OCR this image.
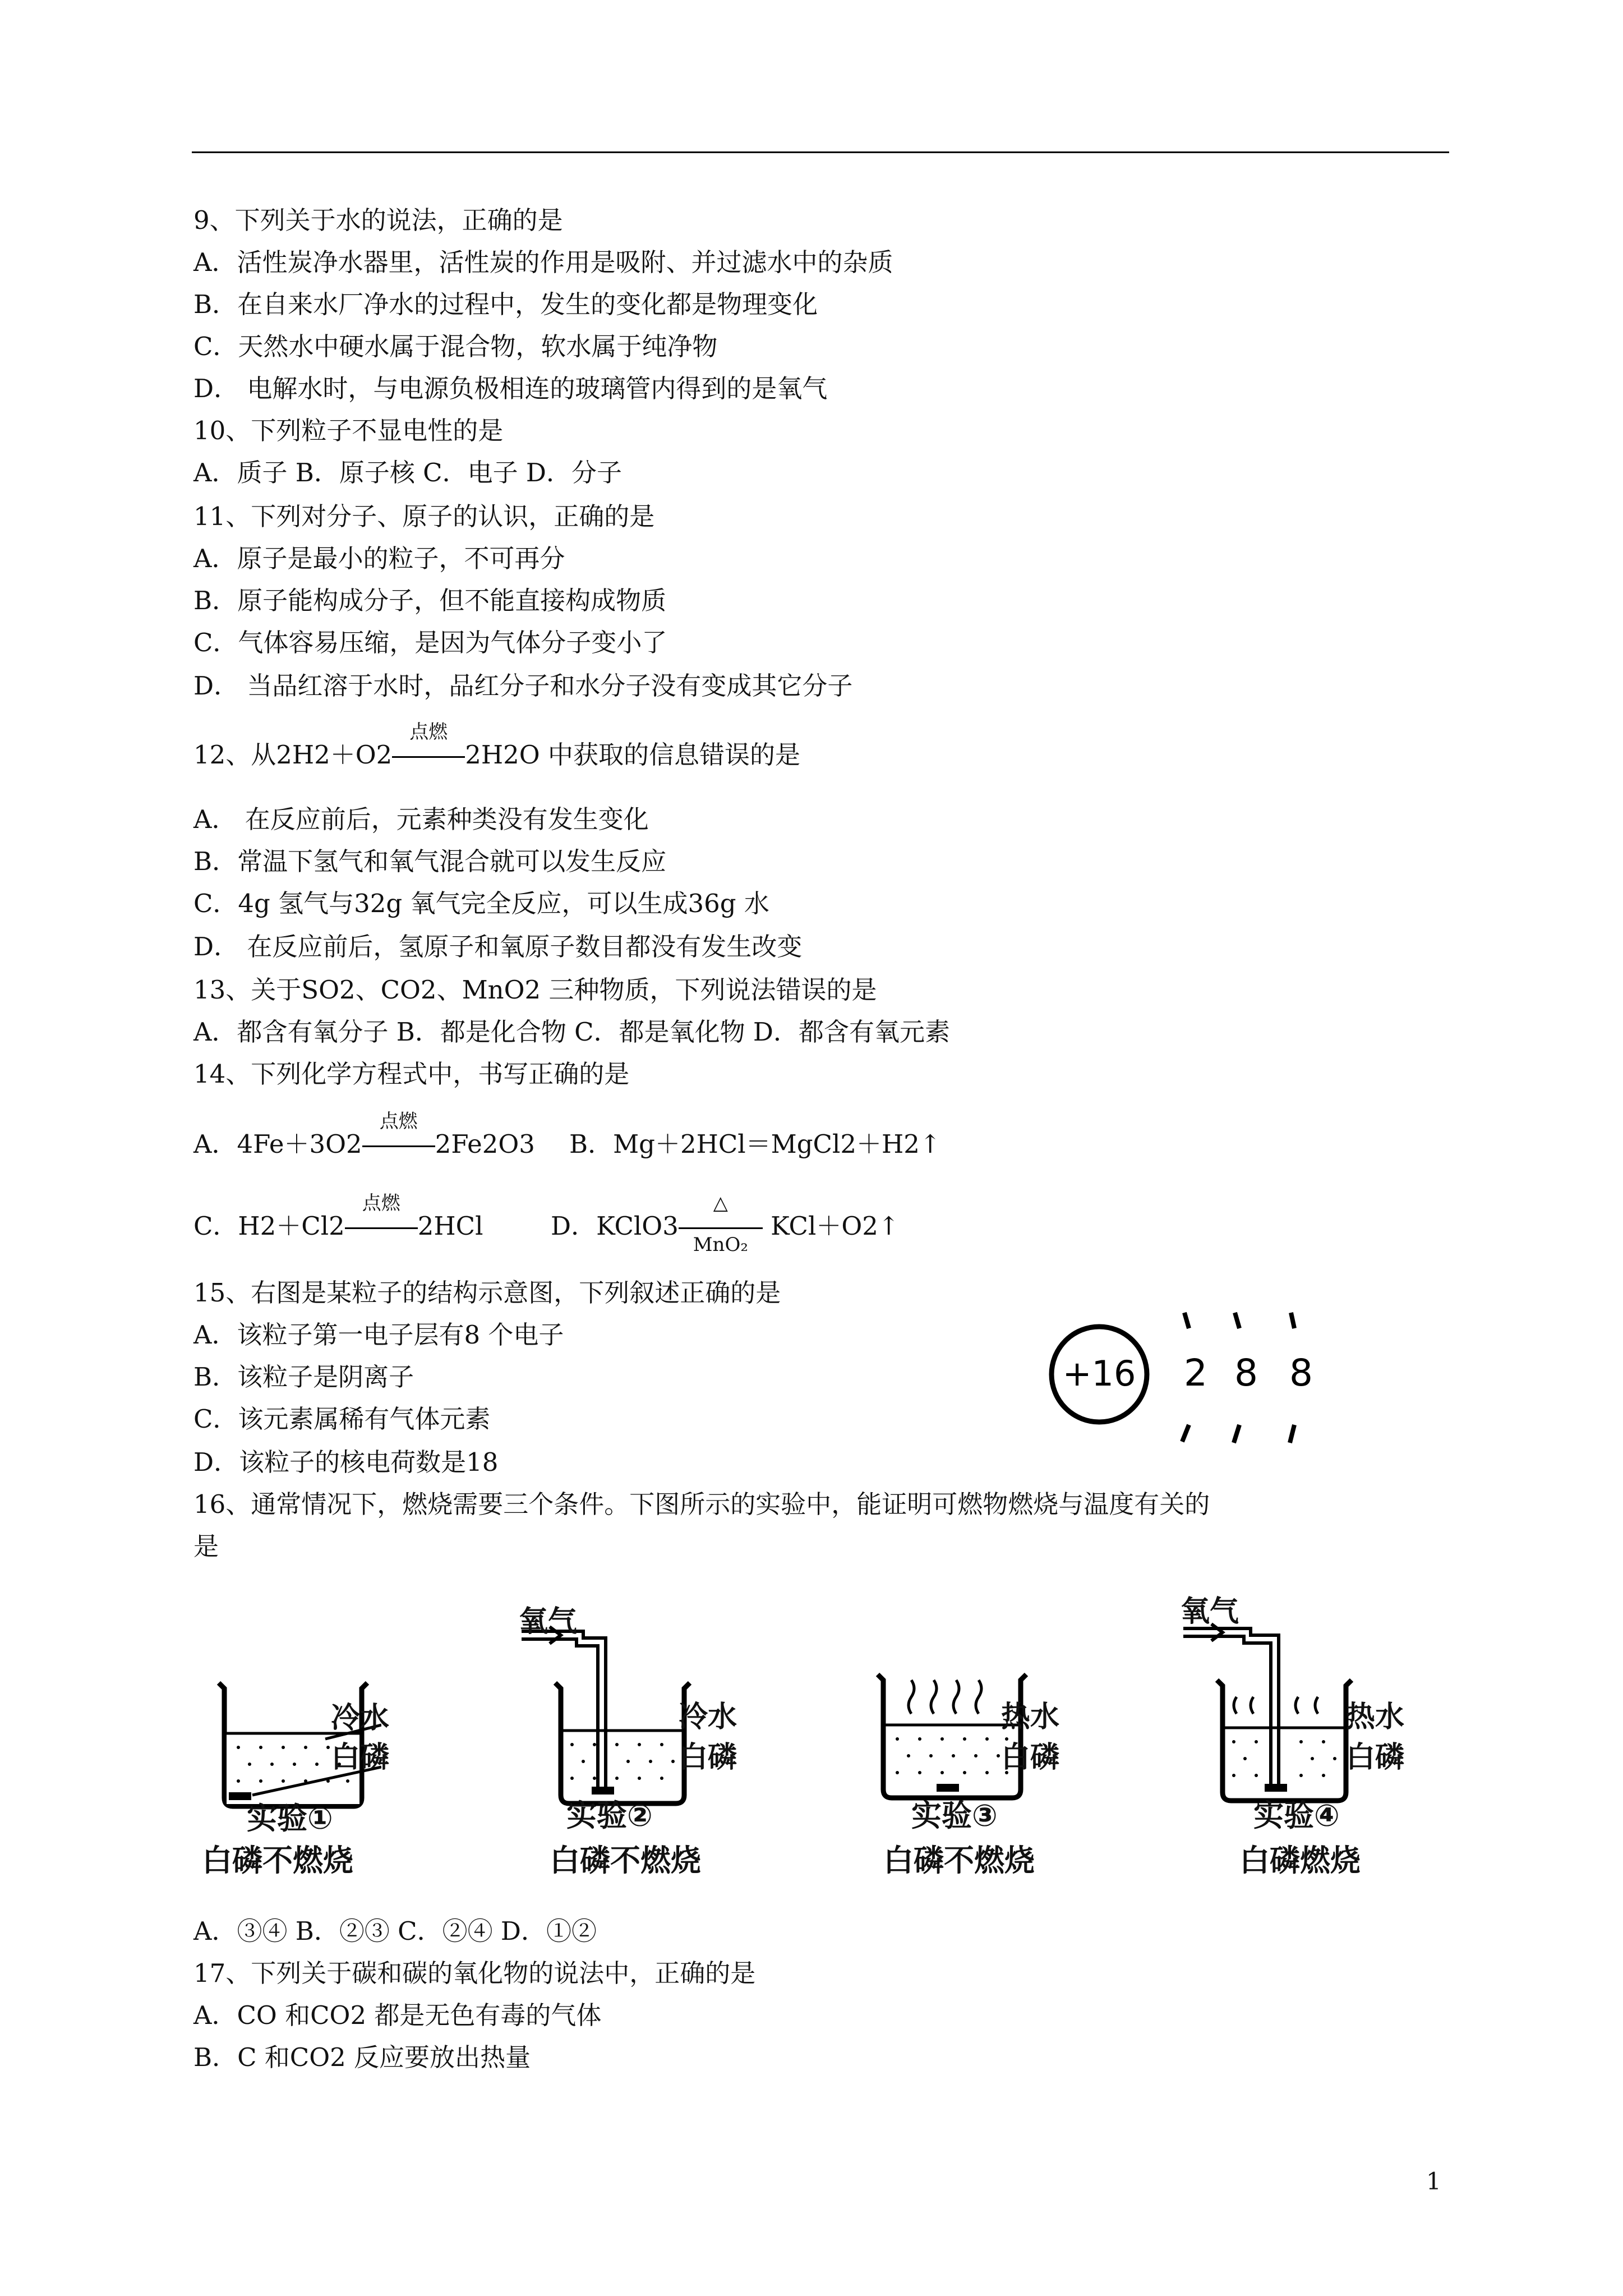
9、下列关于水的说法，正确的是
A．活性炭净水器里，活性炭的作用是吸附、并过滤水中的杂质
B．在自来水厂净水的过程中，发生的变化都是物理变化
C．天然水中硬水属于混合物，软水属于纯净物
D． 电解水时，与电源负极相连的玻璃管内得到的是氧气
10、下列粒子不显电性的是
A．质子 B．原子核 C．电子 D．分子
11、下列对分子、原子的认识，正确的是
A．原子是最小的粒子，不可再分
B．原子能构成分子，但不能直接构成物质
C．气体容易压缩，是因为气体分子变小了
D． 当品红溶于水时，品红分子和水分子没有变成其它分子
12、从2H2＋O2
点燃
2H2O 中获取的信息错误的是
A． 在反应前后，元素种类没有发生变化
B．常温下氢气和氧气混合就可以发生反应
C．4g 氢气与32g 氧气完全反应，可以生成36g 水
D． 在反应前后，氢原子和氧原子数目都没有发生改变
13、关于SO2、CO2、MnO2 三种物质，下列说法错误的是
A．都含有氧分子 B．都是化合物 C．都是氧化物 D．都含有氧元素
14、下列化学方程式中，书写正确的是
A．4Fe＋3O2
点燃
2Fe2O3 B．Mg＋2HCl＝MgCl2＋H2↑
C．H2＋Cl2
点燃
2HCl	D．KClO3
△
MnO₂
KCl＋O2↑
15、右图是某粒子的结构示意图，下列叙述正确的是
A．该粒子第一电子层有8 个电子
B．该粒子是阴离子
C．该元素属稀有气体元素
D．该粒子的核电荷数是18
+16 2 8 8
16、通常情况下，燃烧需要三个条件。下图所示的实验中，能证明可燃物燃烧与温度有关的
是
冷水
白磷
实验①
白磷不燃烧
氧气
冷水
白磷
实验②
白磷不燃烧
热水
白磷
实验③
白磷不燃烧
氧气
热水
白磷
实验④
白磷燃烧
A．③④ B．②③ C．②④ D．①②
17、下列关于碳和碳的氧化物的说法中，正确的是
A．CO 和CO2 都是无色有毒的气体
B．C 和CO2 反应要放出热量
1
